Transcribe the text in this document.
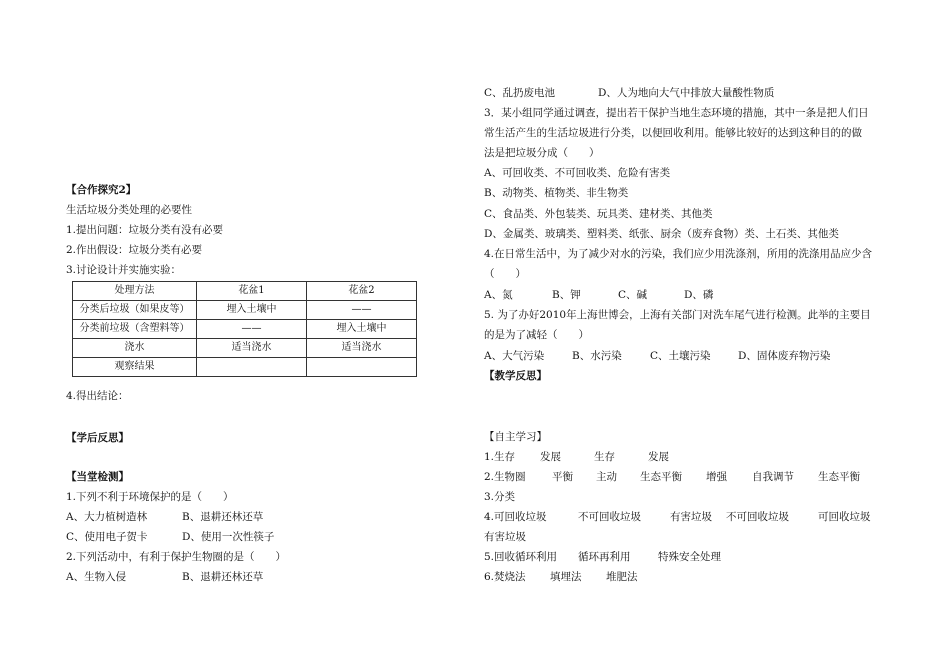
【合作探究2】
生活垃圾分类处理的必要性
1.提出问题：垃圾分类有没有必要
2.作出假设：垃圾分类有必要
3.讨论设计并实施实验：
处理方法	花盆1	花盆2
分类后垃圾（如果皮等）	埋入土壤中	——
分类前垃圾（含塑料等）	——	埋入土壤中
浇水	适当浇水	适当浇水
观察结果		
4.得出结论：
【学后反思】
【当堂检测】
1.下列不利于环境保护的是（　　）
A、大力植树造林	B、退耕还林还草
C、使用电子贺卡	D、使用一次性筷子
2.下列活动中，有利于保护生物圈的是（　　）
A、生物入侵	B、退耕还林还草
C、乱扔废电池	D、人为地向大气中排放大量酸性物质
3．某小组同学通过调查，提出若干保护当地生态环境的措施，其中一条是把人们日
常生活产生的生活垃圾进行分类，以便回收利用。能够比较好的达到这种目的的做
法是把垃圾分成（　　）
A、可回收类、不可回收类、危险有害类
B、动物类、植物类、非生物类
C、食品类、外包装类、玩具类、建材类、其他类
D、金属类、玻璃类、塑料类、纸张、厨余（废弃食物）类、土石类、其他类
4.在日常生活中，为了减少对水的污染，我们应少用洗涤剂，所用的洗涤用品应少含
（　　）
A、氮	B、钾	C、碱	D、磷
5. 为了办好2010年上海世博会，上海有关部门对洗车尾气进行检测。此举的主要目
的是为了减轻（　　）
A、大气污染	B、水污染	C、土壤污染	D、固体废弃物污染
【教学反思】
【自主学习】
1.生存 发展	生存	发展
2.生物圈	平衡 主动 生态平衡 增强 自我调节 生态平衡
3.分类
4.可回收垃圾	不可回收垃圾	有害垃圾 不可回收垃圾	可回收垃圾
有害垃圾
5.回收循环利用 循环再利用	特殊安全处理
6.焚烧法 填埋法 堆肥法
